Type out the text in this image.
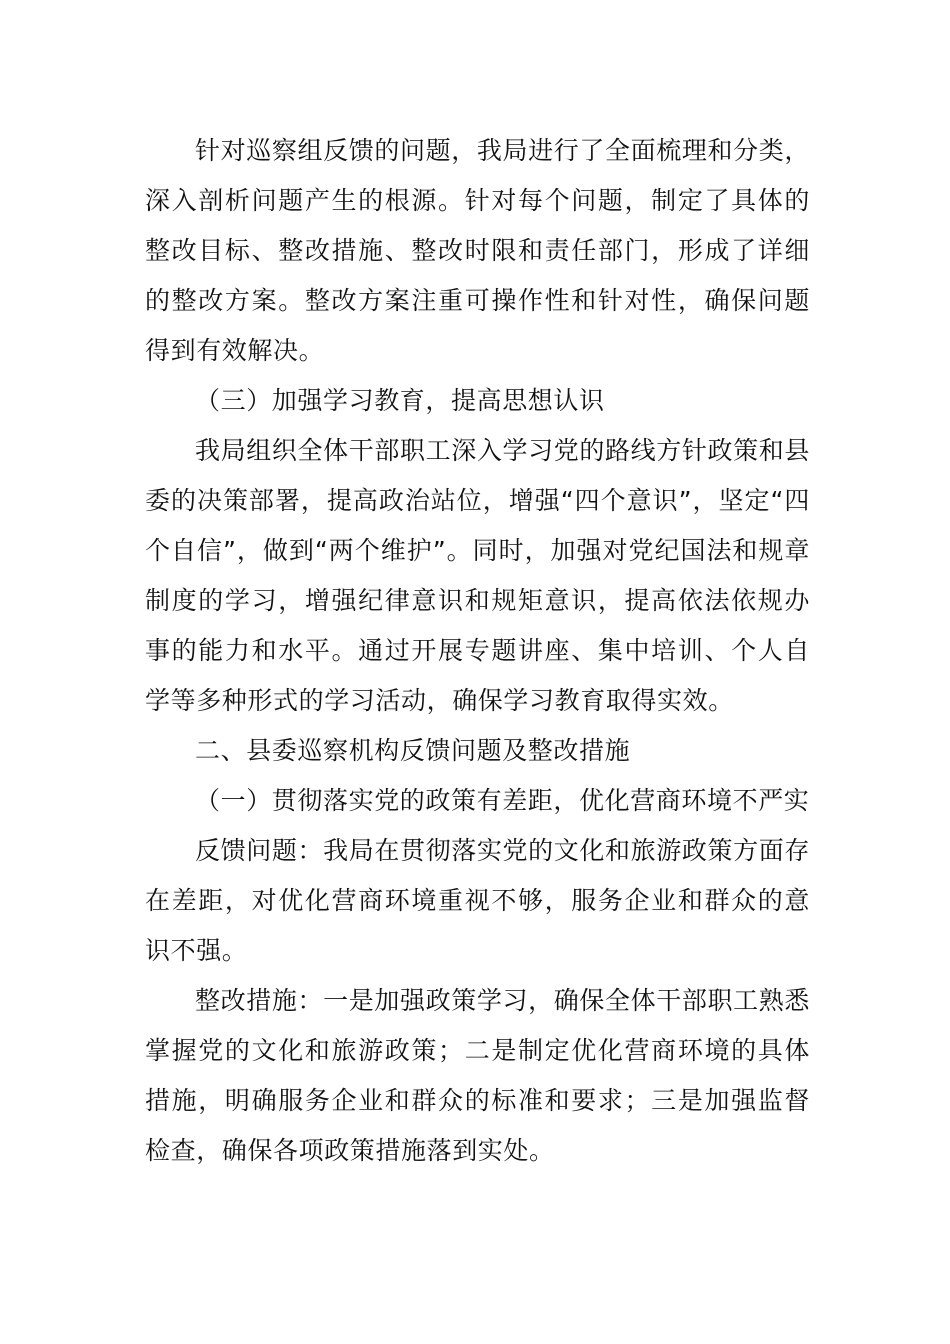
针对巡察组反馈的问题，我局进行了全面梳理和分类，深入剖析问题产生的根源。针对每个问题，制定了具体的整改目标、整改措施、整改时限和责任部门，形成了详细的整改方案。整改方案注重可操作性和针对性，确保问题得到有效解决。

（三）加强学习教育，提高思想认识

我局组织全体干部职工深入学习党的路线方针政策和县委的决策部署，提高政治站位，增强“四个意识”，坚定“四个自信”，做到“两个维护”。同时，加强对党纪国法和规章制度的学习，增强纪律意识和规矩意识，提高依法依规办事的能力和水平。通过开展专题讲座、集中培训、个人自学等多种形式的学习活动，确保学习教育取得实效。

二、县委巡察机构反馈问题及整改措施

（一）贯彻落实党的政策有差距，优化营商环境不严实

反馈问题：我局在贯彻落实党的文化和旅游政策方面存在差距，对优化营商环境重视不够，服务企业和群众的意识不强。

整改措施：一是加强政策学习，确保全体干部职工熟悉掌握党的文化和旅游政策；二是制定优化营商环境的具体措施，明确服务企业和群众的标准和要求；三是加强监督检查，确保各项政策措施落到实处。
